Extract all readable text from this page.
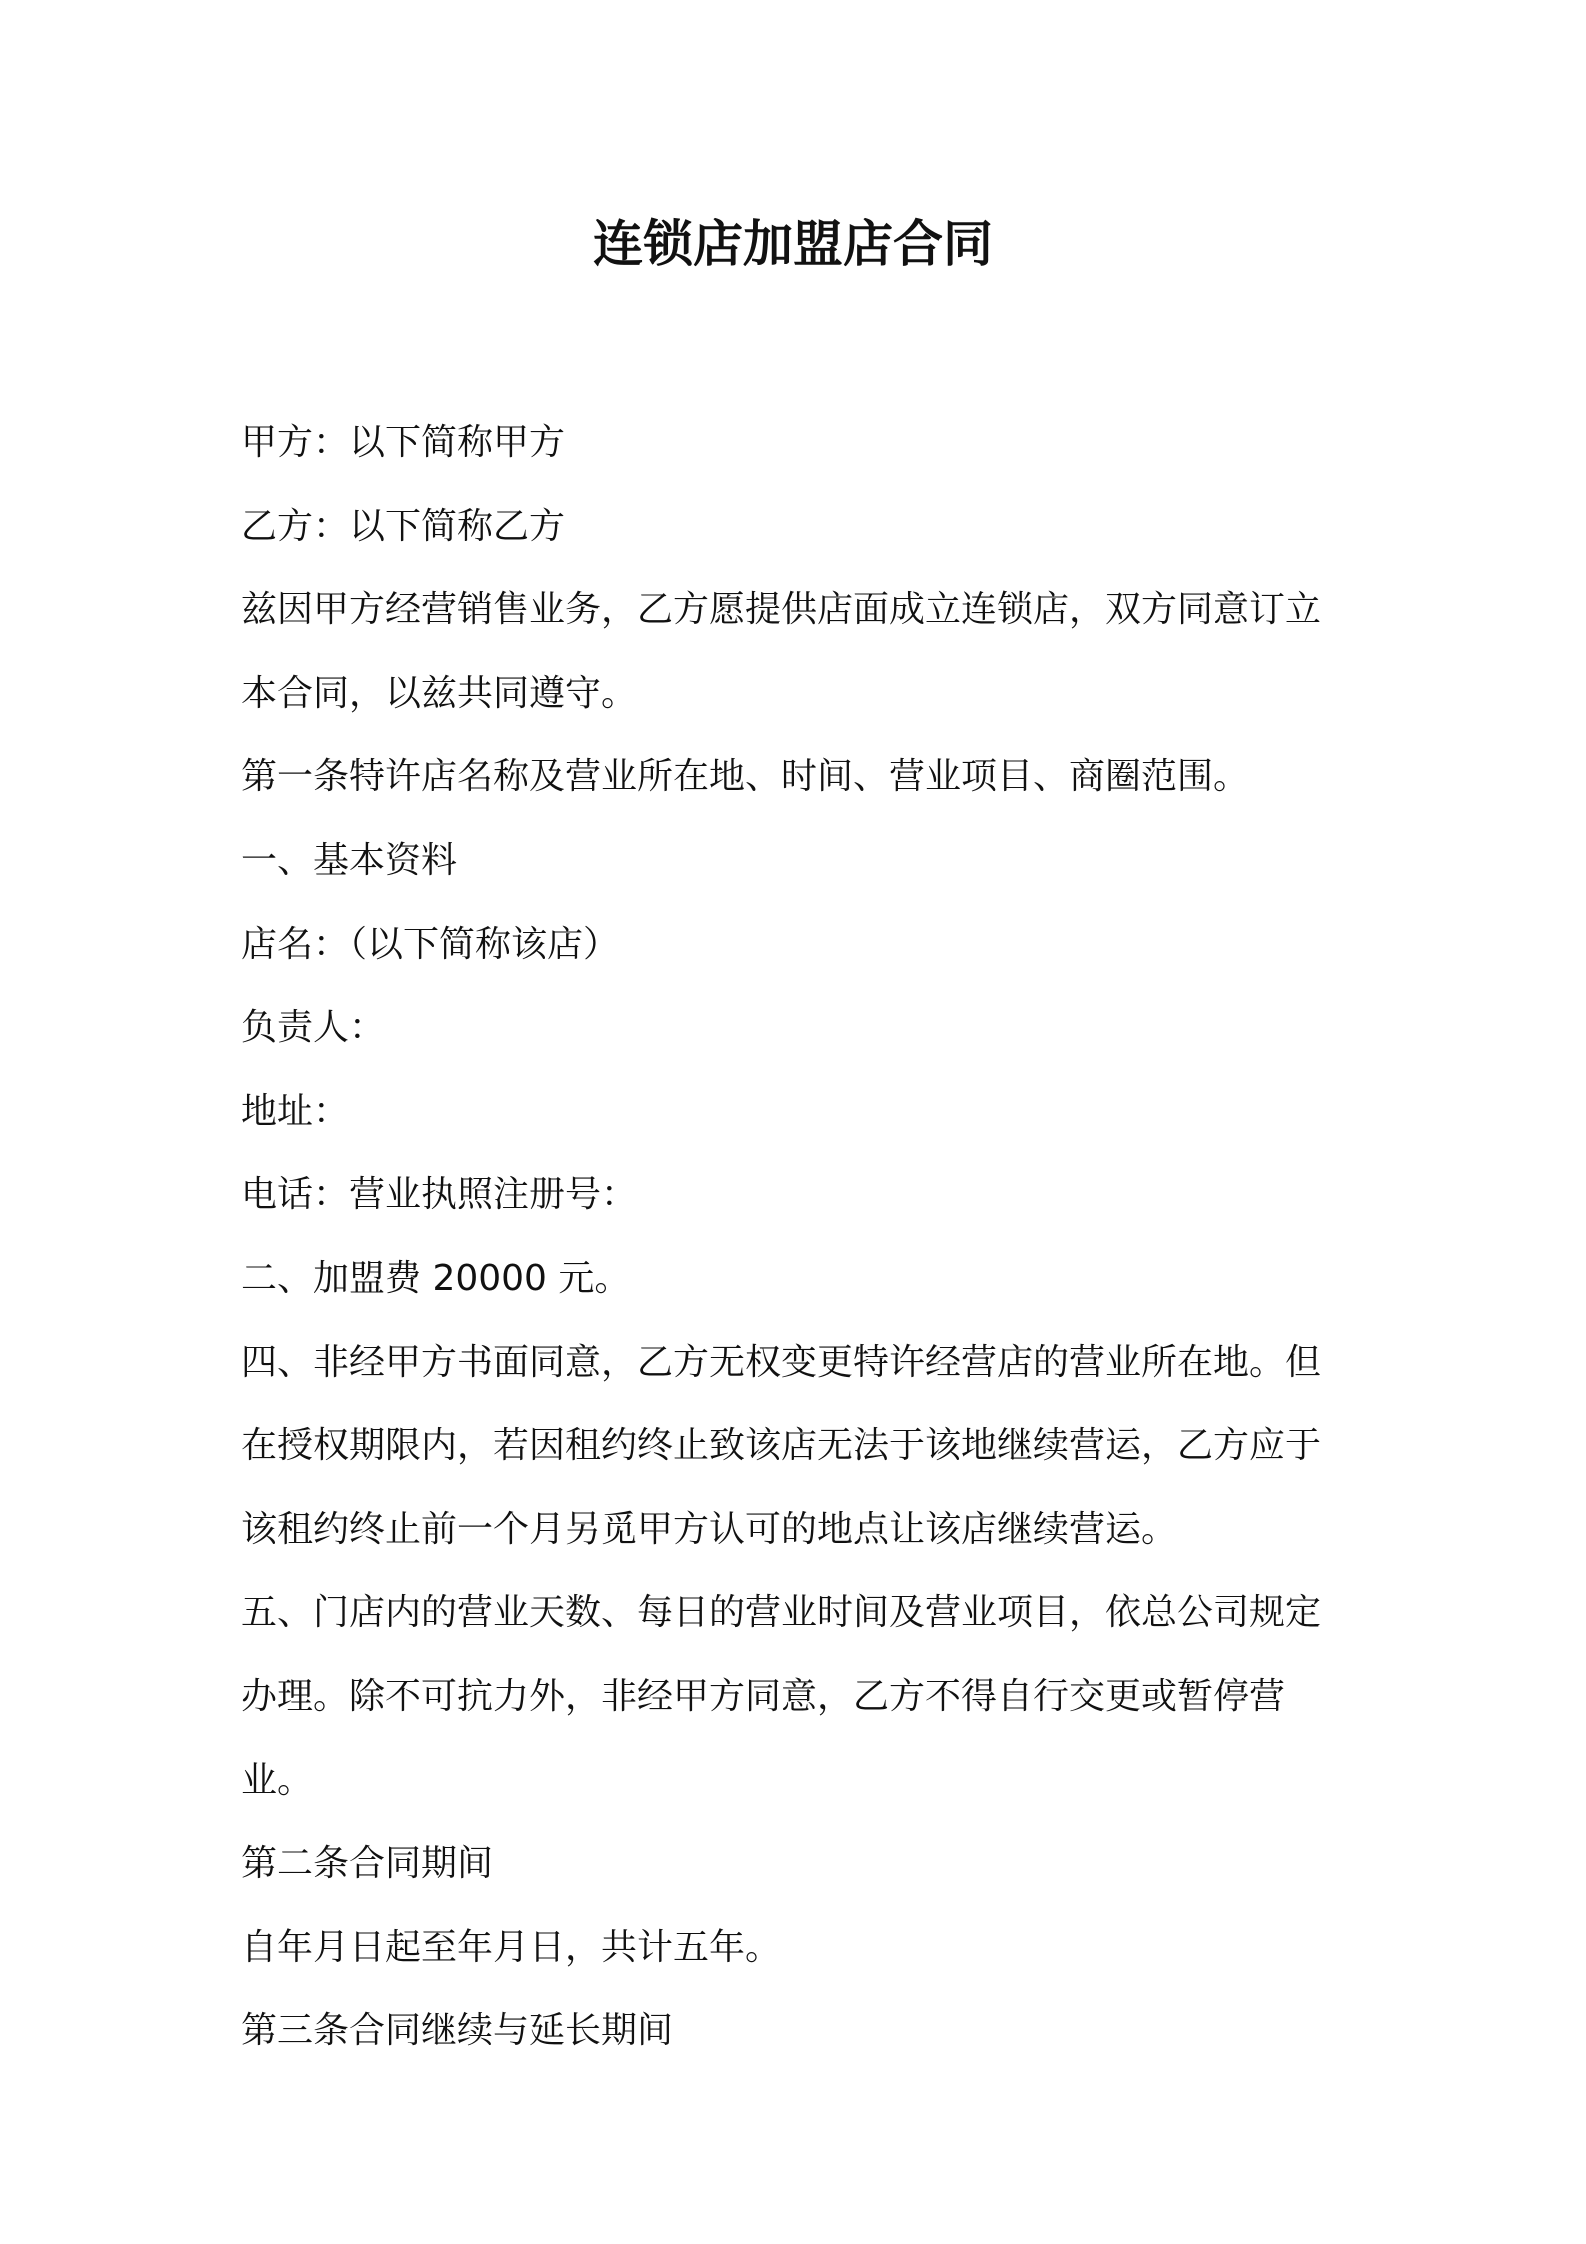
连锁店加盟店合同

甲方：以下简称甲方

乙方：以下简称乙方

兹因甲方经营销售业务，乙方愿提供店面成立连锁店，双方同意订立本合同，以兹共同遵守。

第一条特许店名称及营业所在地、时间、营业项目、商圈范围。

一、基本资料

店名：（以下简称该店）

负责人：

地址：

电话：营业执照注册号：

二、加盟费 20000 元。

四、非经甲方书面同意，乙方无权变更特许经营店的营业所在地。但在授权期限内，若因租约终止致该店无法于该地继续营运，乙方应于该租约终止前一个月另觅甲方认可的地点让该店继续营运。

五、门店内的营业天数、每日的营业时间及营业项目，依总公司规定办理。除不可抗力外，非经甲方同意，乙方不得自行交更或暂停营业。

第二条合同期间

自年月日起至年月日，共计五年。

第三条合同继续与延长期间
